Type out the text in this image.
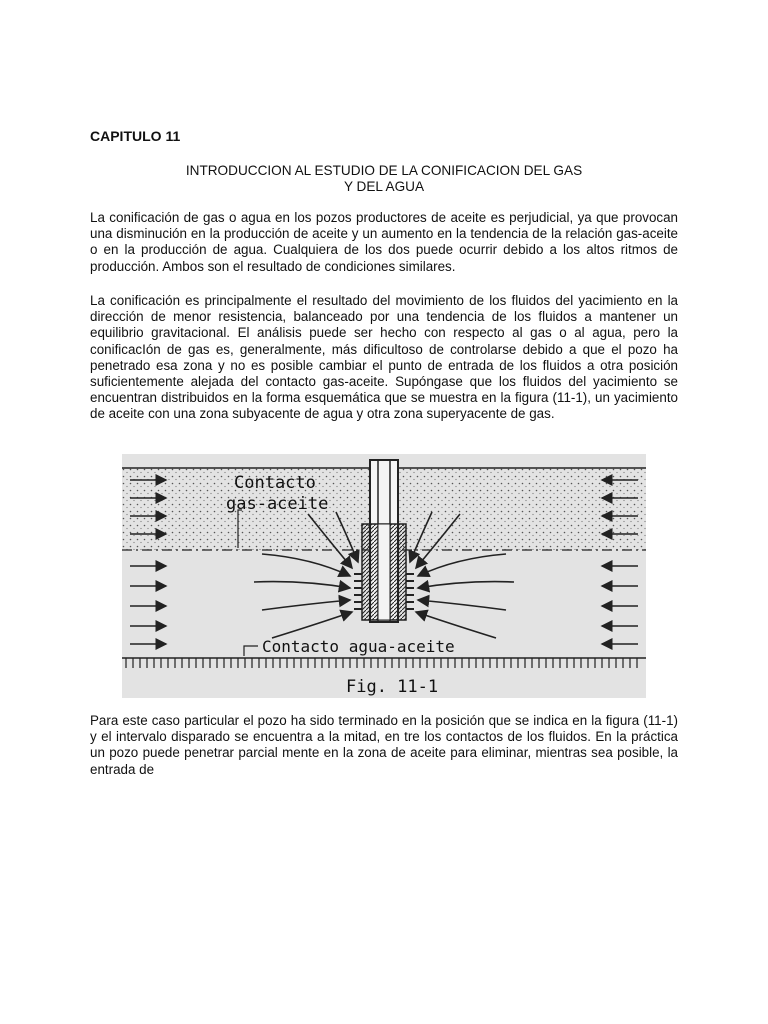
CAPITULO 11
INTRODUCCION AL ESTUDIO DE LA CONIFICACION DEL GAS
Y DEL AGUA

La conificación de gas o agua en los pozos productores de aceite es perjudicial, ya que provocan una disminución en la producción de aceite y un aumento en la tendencia de la relación gas-aceite o en la producción de agua. Cualquiera de los dos puede ocurrir debido a los altos ritmos de producción. Ambos son el resultado de condiciones similares.

La conificación es principalmente el resultado del movimiento de los fluidos del yacimiento en la dirección de menor resistencia, balanceado por una tendencia de los fluidos a mantener un equilibrio gravitacional. El análisis puede ser hecho con respecto al gas o al agua, pero la conificacIón de gas es, generalmente, más dificultoso de controlarse debido a que el pozo ha penetrado esa zona y no es posible cambiar el punto de entrada de los fluidos a otra posición suficientemente alejada del contacto gas-aceite. Supóngase que los fluidos del yacimiento se encuentran distribuidos en la forma esquemática que se muestra en la figura (11-1), un yacimiento de aceite con una zona subyacente de agua y otra zona superyacente de gas.

Contacto
gas-aceite
Contacto agua-aceite
Fig. 11-1

Para este caso particular el pozo ha sido terminado en la posición que se indica en la figura (11-1) y el intervalo disparado se encuentra a la mitad, en tre los contactos de los fluidos. En la práctica un pozo puede penetrar parcial mente en la zona de aceite para eliminar, mientras sea posible, la entrada de
